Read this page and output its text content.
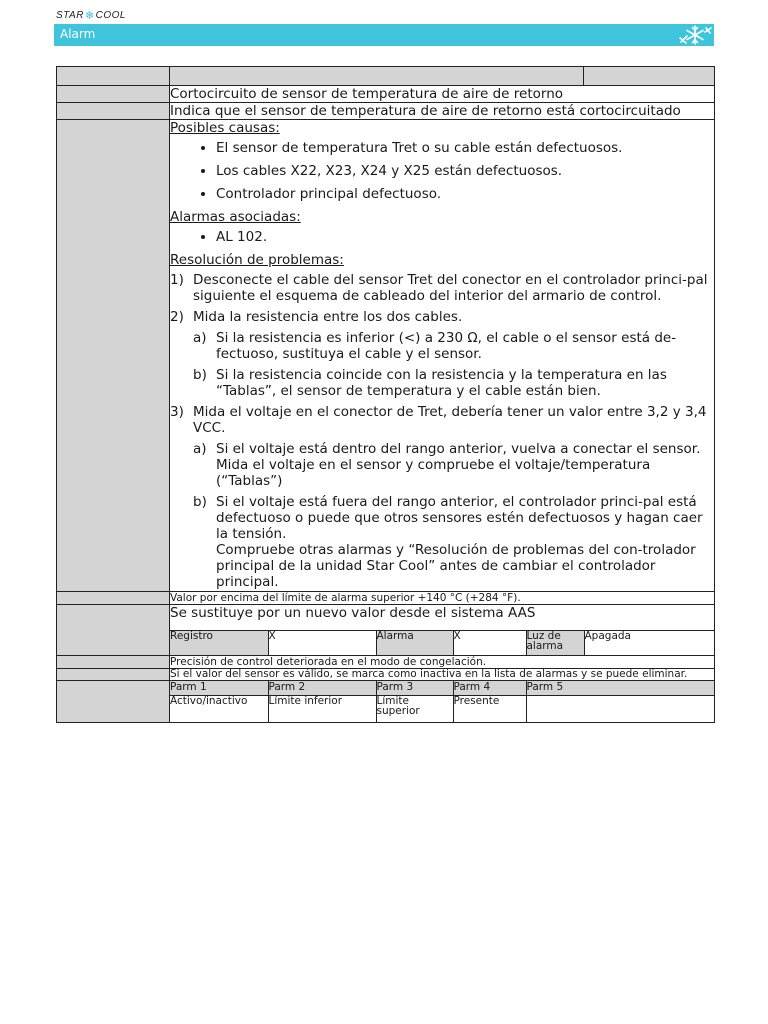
STAR ❄ COOL
Alarm

	Cortocircuito de sensor de temperatura de aire de retorno
	Indica que el sensor de temperatura de aire de retorno está cortocircuitado

Posibles causas:
• El sensor de temperatura Tret o su cable están defectuosos.
• Los cables X22, X23, X24 y X25 están defectuosos.
• Controlador principal defectuoso.
Alarmas asociadas:
• AL 102.
Resolución de problemas:
1) Desconecte el cable del sensor Tret del conector en el controlador princi-pal siguiente el esquema de cableado del interior del armario de control.
2) Mida la resistencia entre los dos cables.
a) Si la resistencia es inferior (<) a 230 Ω, el cable o el sensor está de-fectuoso, sustituya el cable y el sensor.
b) Si la resistencia coincide con la resistencia y la temperatura en las “Tablas”, el sensor de temperatura y el cable están bien.
3) Mida el voltaje en el conector de Tret, debería tener un valor entre 3,2 y 3,4 VCC.
a) Si el voltaje está dentro del rango anterior, vuelva a conectar el sensor. Mida el voltaje en el sensor y compruebe el voltaje/temperatura (“Tablas”)
b) Si el voltaje está fuera del rango anterior, el controlador princi-pal está defectuoso o puede que otros sensores estén defectuosos y hagan caer la tensión.
Compruebe otras alarmas y “Resolución de problemas del con-trolador principal de la unidad Star Cool” antes de cambiar el controlador principal.

	Valor por encima del límite de alarma superior +140 °C (+284 °F).

Se sustituye por un nuevo valor desde el sistema AAS
Registro	X	Alarma	X	Luz de alarma	Apagada

	Precisión de control deteriorada en el modo de congelación.
	Si el valor del sensor es válido, se marca como inactiva en la lista de alarmas y se puede eliminar.

Parm 1	Parm 2	Parm 3	Parm 4	Parm 5
Activo/inactivo	Límite inferior	Límite superior	Presente	
